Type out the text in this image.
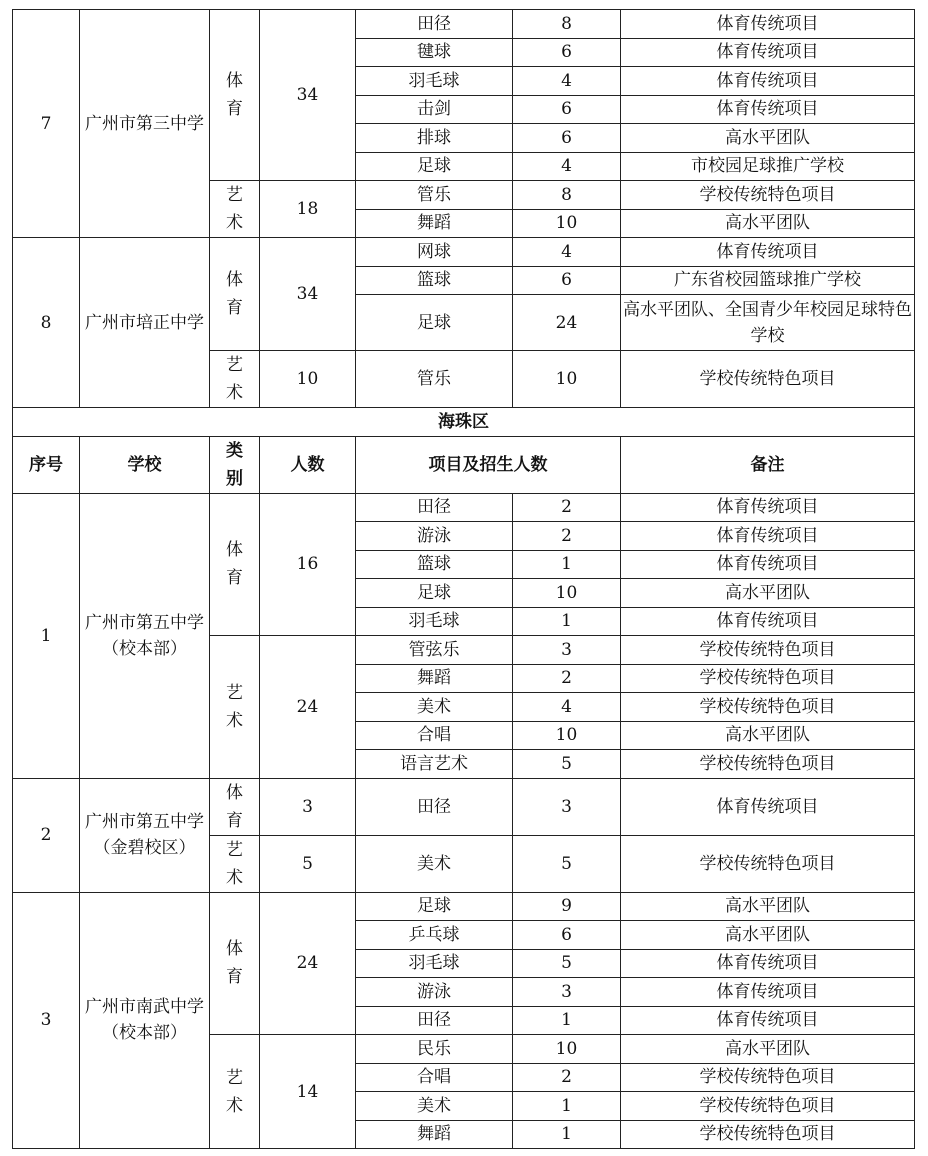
7	广州市第三中学	体育	34	田径	8	体育传统项目
				毽球	6	体育传统项目
				羽毛球	4	体育传统项目
				击剑	6	体育传统项目
				排球	6	高水平团队
				足球	4	市校园足球推广学校
		艺术	18	管乐	8	学校传统特色项目
				舞蹈	10	高水平团队
8	广州市培正中学	体育	34	网球	4	体育传统项目
				篮球	6	广东省校园篮球推广学校
				足球	24	高水平团队、全国青少年校园足球特色学校
		艺术	10	管乐	10	学校传统特色项目
海珠区						
序号	学校	类别	人数	项目及招生人数		备注
1	广州市第五中学（校本部）	体育	16	田径	2	体育传统项目
				游泳	2	体育传统项目
				篮球	1	体育传统项目
				足球	10	高水平团队
				羽毛球	1	体育传统项目
		艺术	24	管弦乐	3	学校传统特色项目
				舞蹈	2	学校传统特色项目
				美术	4	学校传统特色项目
				合唱	10	高水平团队
				语言艺术	5	学校传统特色项目
2	广州市第五中学（金碧校区）	体育	3	田径	3	体育传统项目
		艺术	5	美术	5	学校传统特色项目
3	广州市南武中学（校本部）	体育	24	足球	9	高水平团队
				乒乓球	6	高水平团队
				羽毛球	5	体育传统项目
				游泳	3	体育传统项目
				田径	1	体育传统项目
		艺术	14	民乐	10	高水平团队
				合唱	2	学校传统特色项目
				美术	1	学校传统特色项目
				舞蹈	1	学校传统特色项目
